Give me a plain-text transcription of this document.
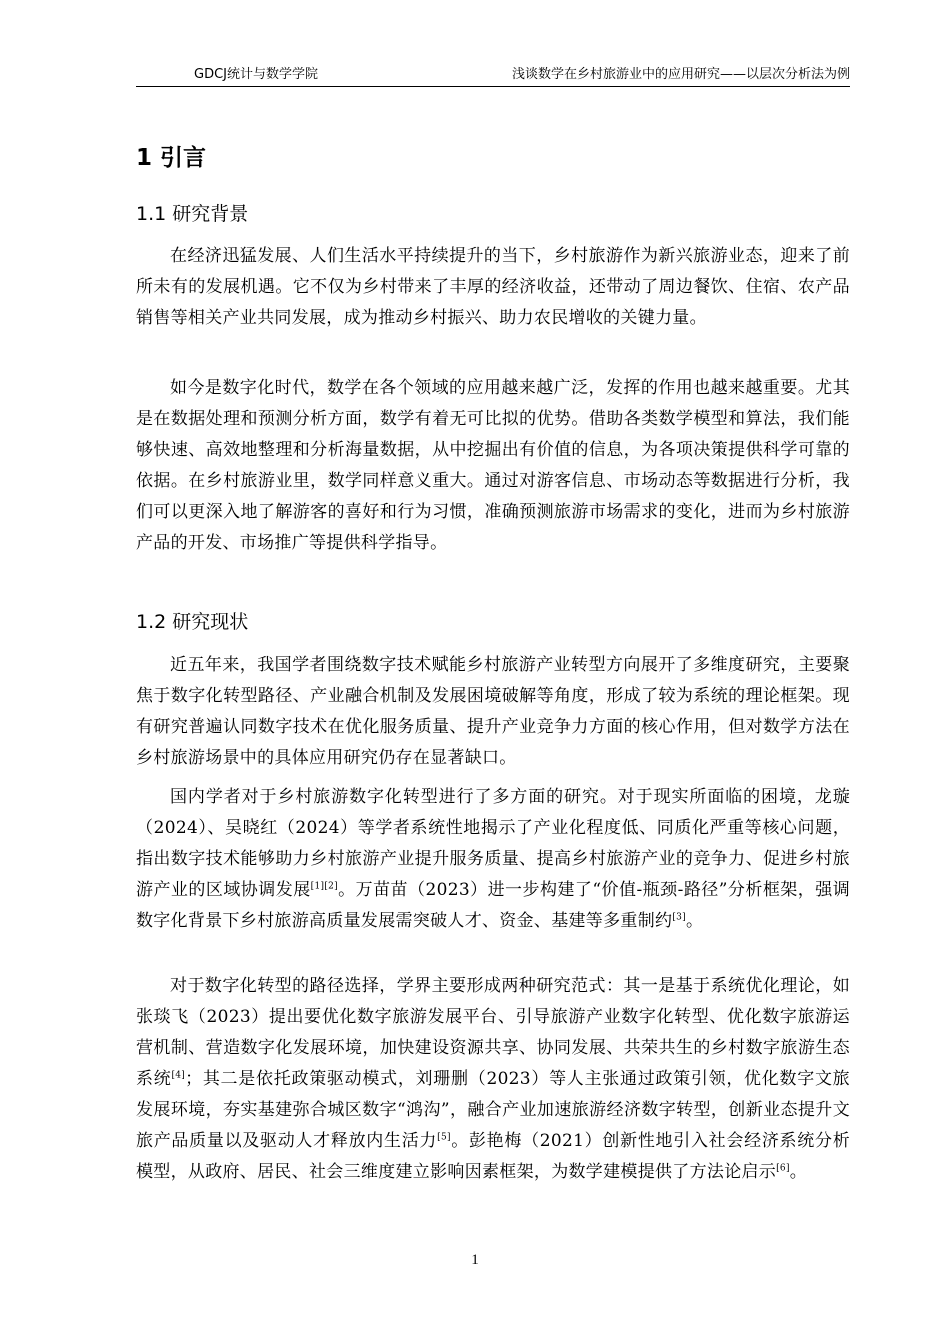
GDCJ统计与数学学院	浅谈数学在乡村旅游业中的应用研究——以层次分析法为例
1 引言
1.1 研究背景

在经济迅猛发展、人们生活水平持续提升的当下，乡村旅游作为新兴旅游业态，迎来了前所未有的发展机遇。它不仅为乡村带来了丰厚的经济收益，还带动了周边餐饮、住宿、农产品销售等相关产业共同发展，成为推动乡村振兴、助力农民增收的关键力量。

如今是数字化时代，数学在各个领域的应用越来越广泛，发挥的作用也越来越重要。尤其是在数据处理和预测分析方面，数学有着无可比拟的优势。借助各类数学模型和算法，我们能够快速、高效地整理和分析海量数据，从中挖掘出有价值的信息，为各项决策提供科学可靠的依据。在乡村旅游业里，数学同样意义重大。通过对游客信息、市场动态等数据进行分析，我们可以更深入地了解游客的喜好和行为习惯，准确预测旅游市场需求的变化，进而为乡村旅游产品的开发、市场推广等提供科学指导。

1.2 研究现状

近五年来，我国学者围绕数字技术赋能乡村旅游产业转型方向展开了多维度研究，主要聚焦于数字化转型路径、产业融合机制及发展困境破解等角度，形成了较为系统的理论框架。现有研究普遍认同数字技术在优化服务质量、提升产业竞争力方面的核心作用，但对数学方法在乡村旅游场景中的具体应用研究仍存在显著缺口。

国内学者对于乡村旅游数字化转型进行了多方面的研究。对于现实所面临的困境，龙璇（2024）、吴晓红（2024）等学者系统性地揭示了产业化程度低、同质化严重等核心问题，指出数字技术能够助力乡村旅游产业提升服务质量、提高乡村旅游产业的竞争力、促进乡村旅游产业的区域协调发展[1][2]。万苗苗（2023）进一步构建了“价值-瓶颈-路径”分析框架，强调数字化背景下乡村旅游高质量发展需突破人才、资金、基建等多重制约[3]。

对于数字化转型的路径选择，学界主要形成两种研究范式：其一是基于系统优化理论，如张琰飞（2023）提出要优化数字旅游发展平台、引导旅游产业数字化转型、优化数字旅游运营机制、营造数字化发展环境，加快建设资源共享、协同发展、共荣共生的乡村数字旅游生态系统[4]；其二是依托政策驱动模式，刘珊删（2023）等人主张通过政策引领，优化数字文旅发展环境，夯实基建弥合城区数字“鸿沟”，融合产业加速旅游经济数字转型，创新业态提升文旅产品质量以及驱动人才释放内生活力[5]。彭艳梅（2021）创新性地引入社会经济系统分析模型，从政府、居民、社会三维度建立影响因素框架，为数学建模提供了方法论启示[6]。

1
